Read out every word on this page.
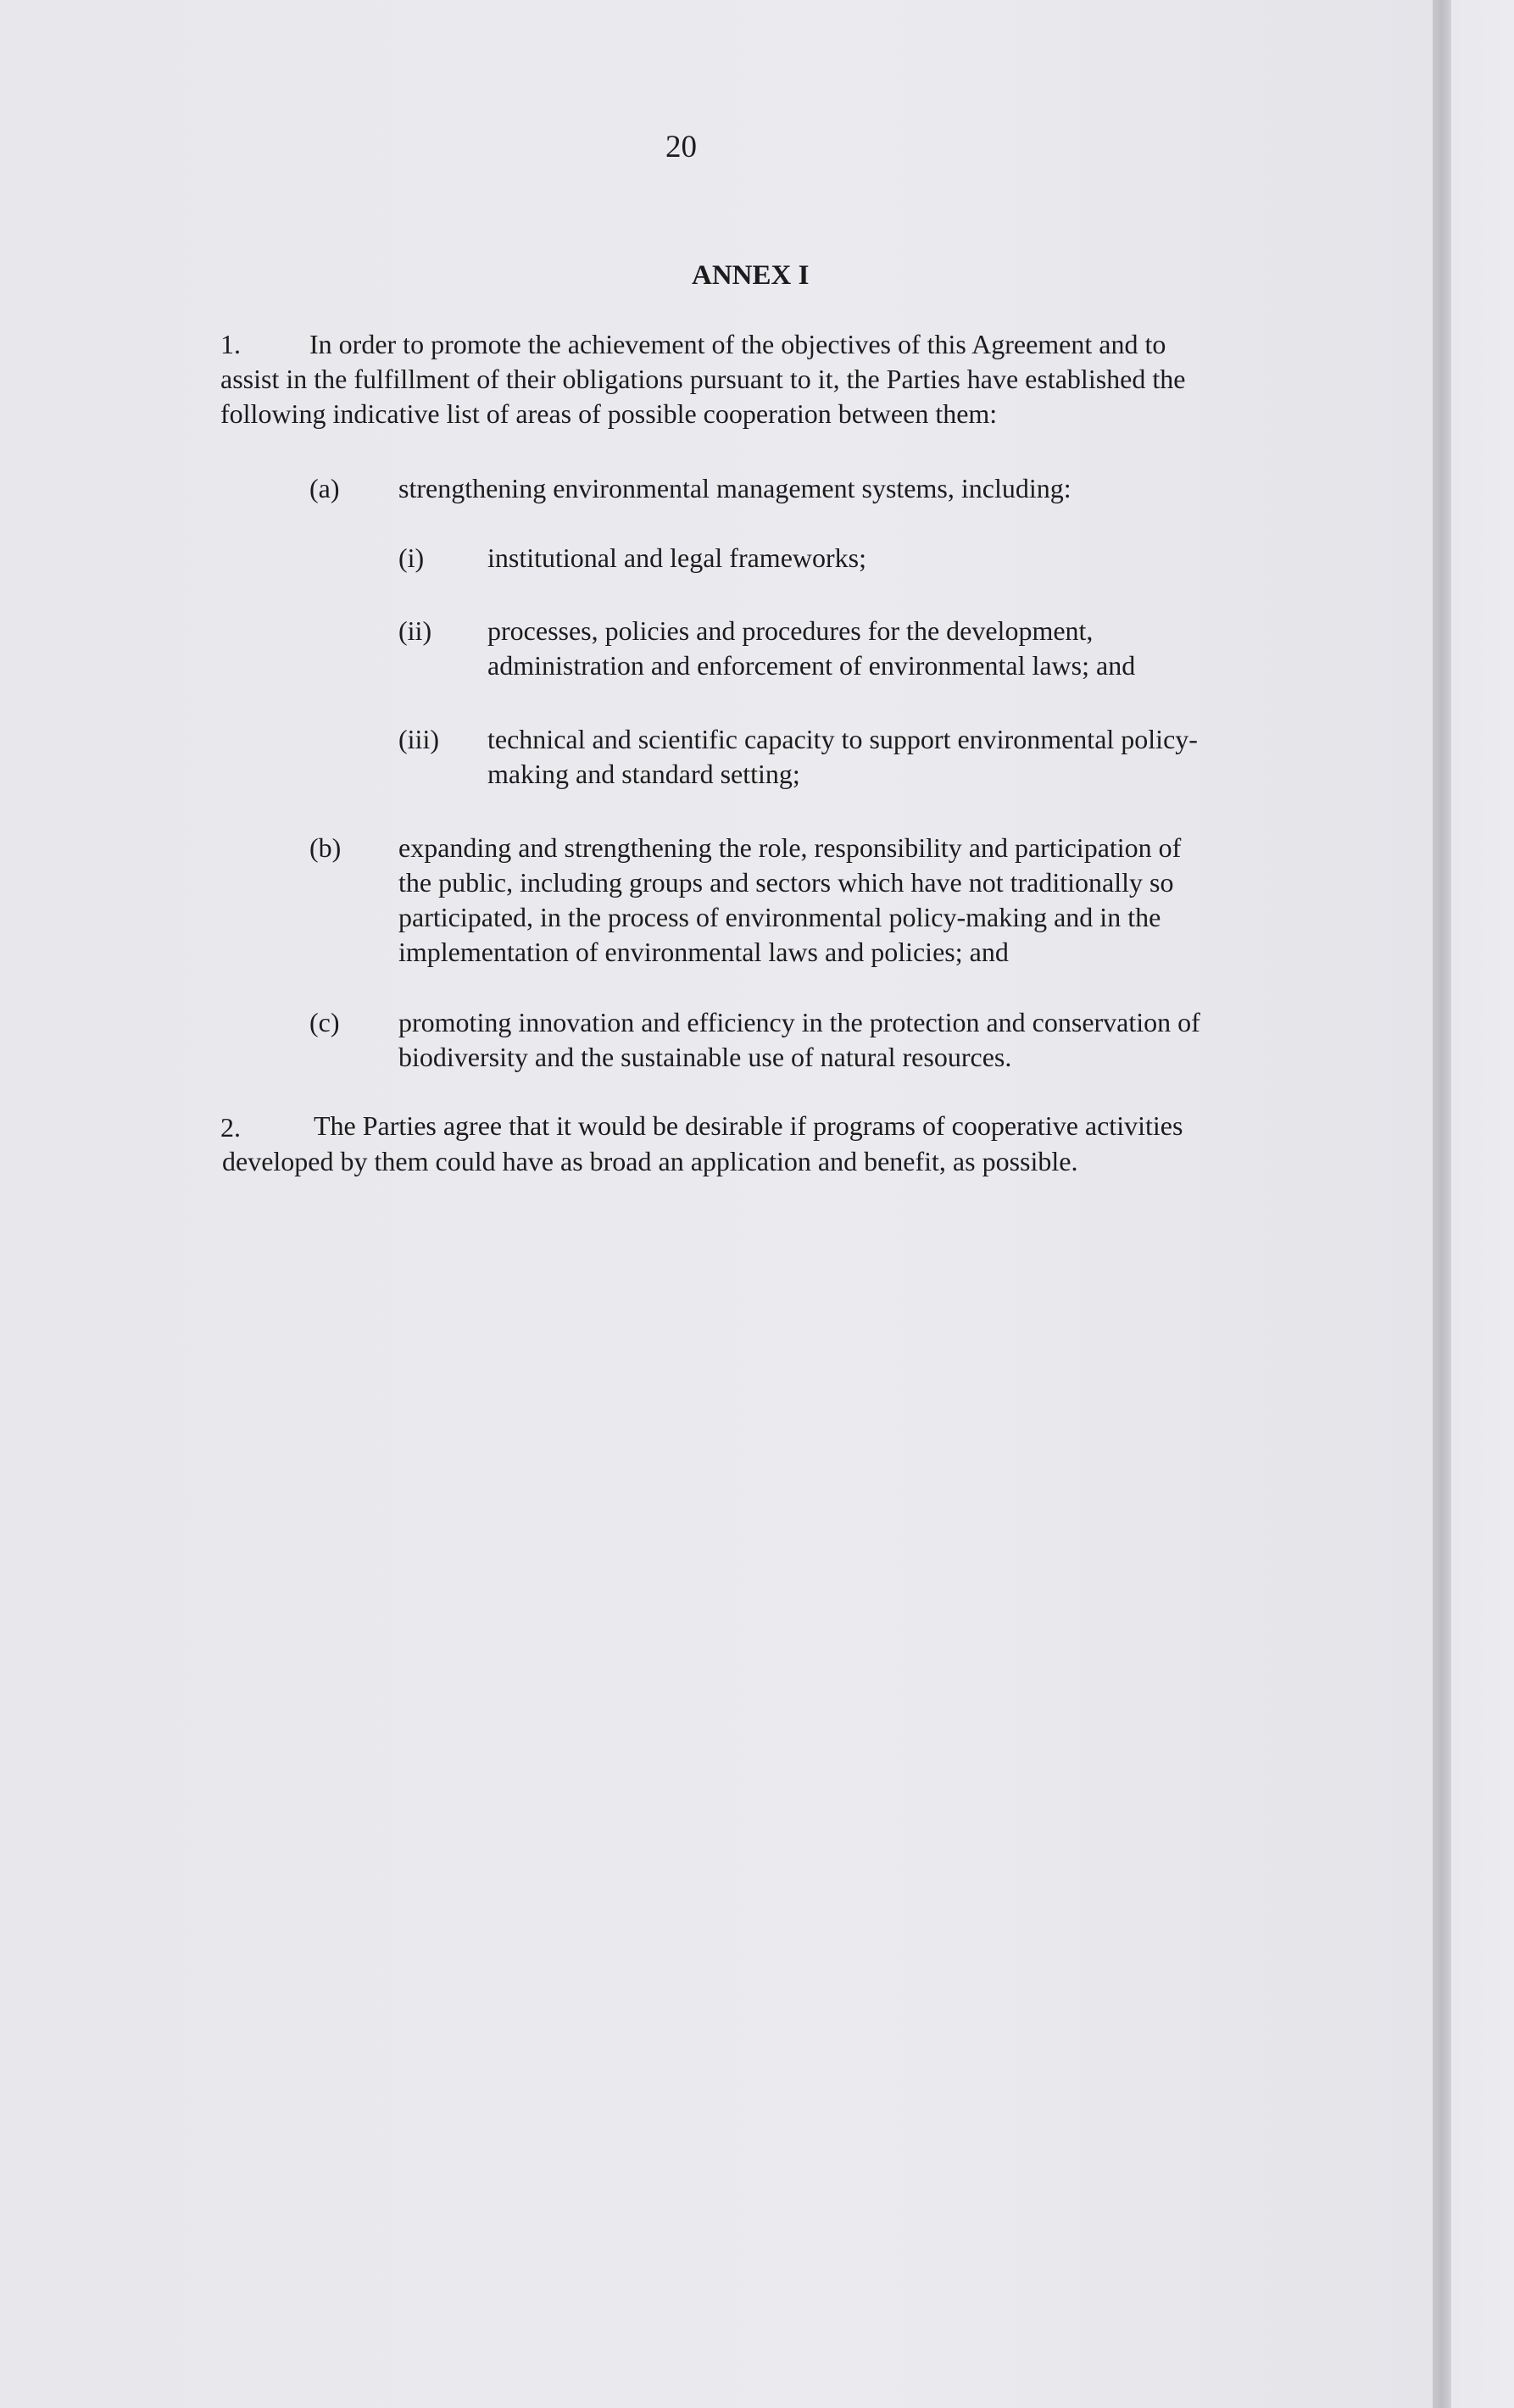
20
ANNEX I
1.	In order to promote the achievement of the objectives of this Agreement and to
assist in the fulfillment of their obligations pursuant to it, the Parties have established the
following indicative list of areas of possible cooperation between them:
(a) strengthening environmental management systems, including:
(i) institutional and legal frameworks;
(ii) processes, policies and procedures for the development,
administration and enforcement of environmental laws; and
(iii) technical and scientific capacity to support environmental policy-
making and standard setting;
(b) expanding and strengthening the role, responsibility and participation of
the public, including groups and sectors which have not traditionally so
participated, in the process of environmental policy-making and in the
implementation of environmental laws and policies; and
(c) promoting innovation and efficiency in the protection and conservation of
biodiversity and the sustainable use of natural resources.
2.	The Parties agree that it would be desirable if programs of cooperative activities
developed by them could have as broad an application and benefit, as possible.
